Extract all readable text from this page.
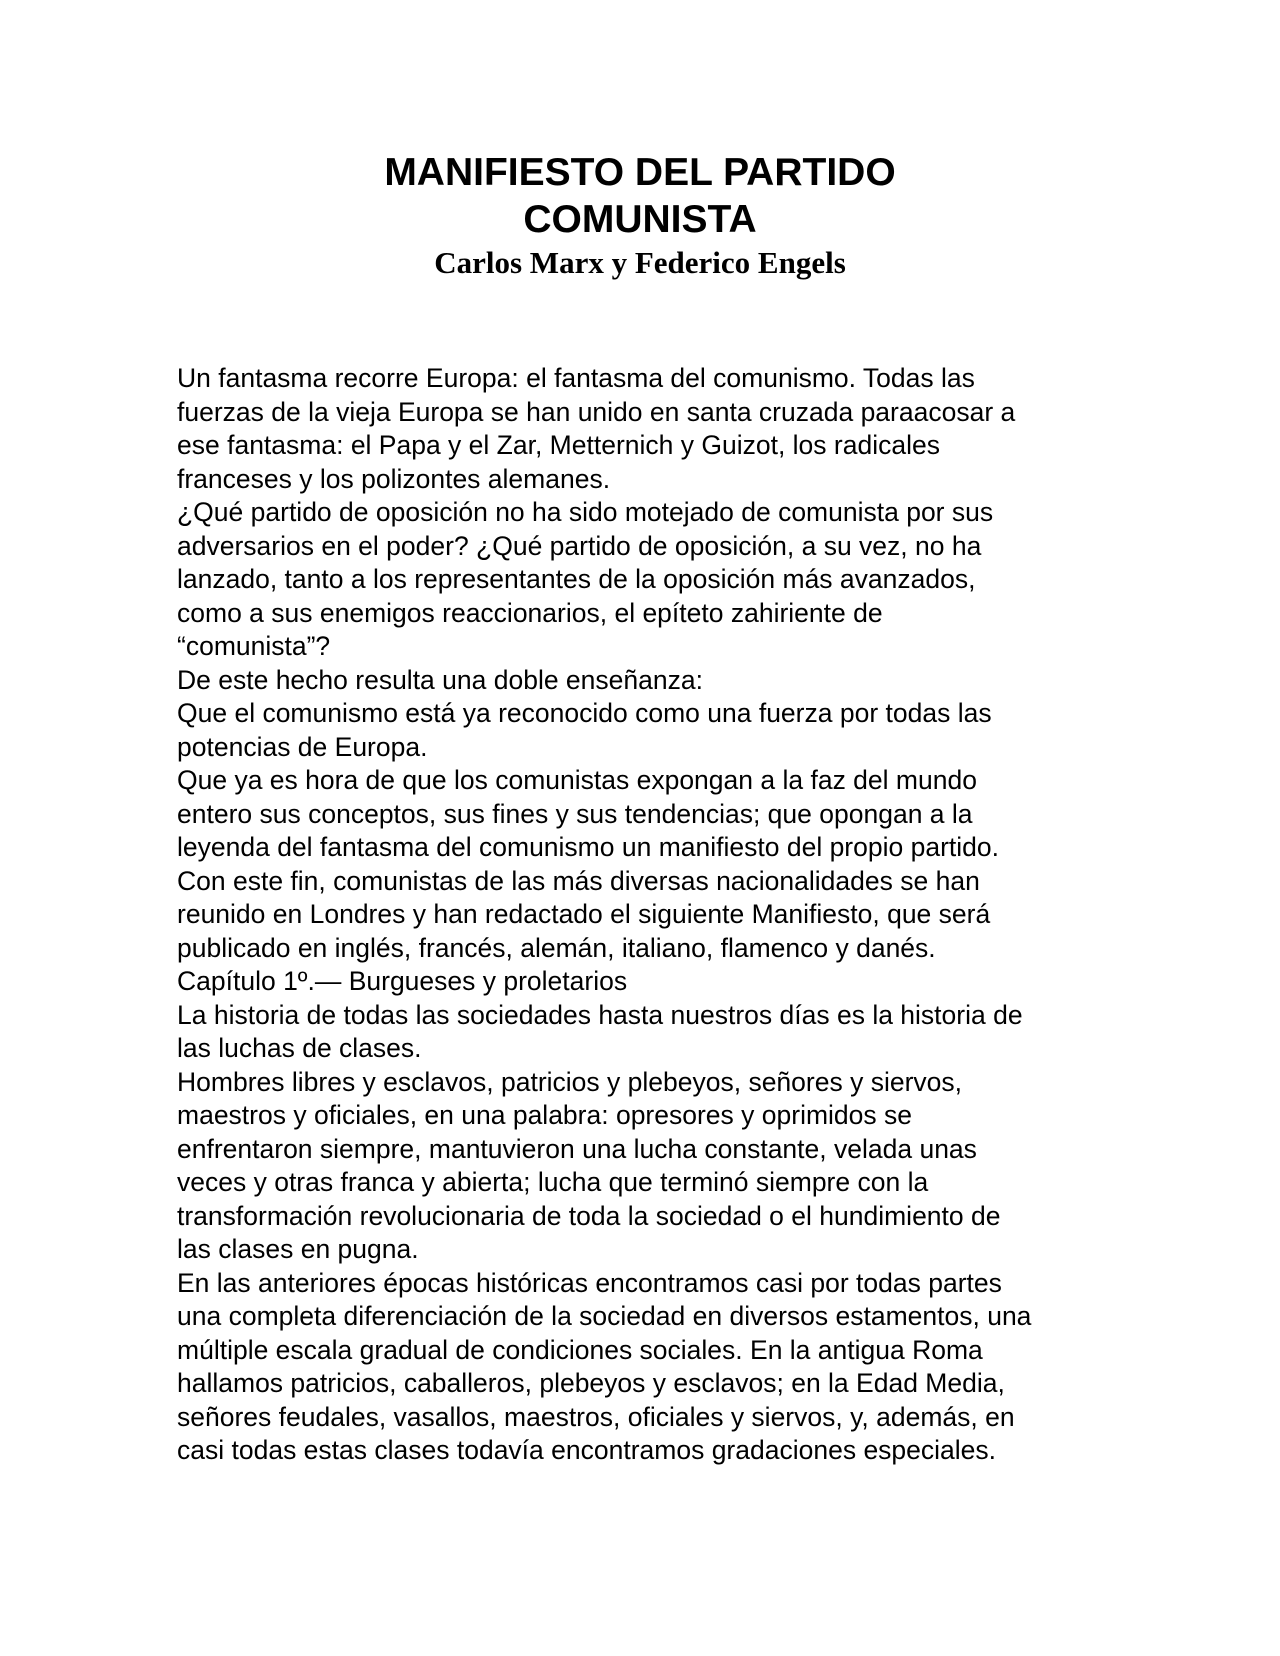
MANIFIESTO DEL PARTIDO
COMUNISTA
Carlos Marx y Federico Engels
Un fantasma recorre Europa: el fantasma del comunismo. Todas las
fuerzas de la vieja Europa se han unido en santa cruzada paraacosar a
ese fantasma: el Papa y el Zar, Metternich y Guizot, los radicales
franceses y los polizontes alemanes.
¿Qué partido de oposición no ha sido motejado de comunista por sus
adversarios en el poder? ¿Qué partido de oposición, a su vez, no ha
lanzado, tanto a los representantes de la oposición más avanzados,
como a sus enemigos reaccionarios, el epíteto zahiriente de
“comunista”?
De este hecho resulta una doble enseñanza:
Que el comunismo está ya reconocido como una fuerza por todas las
potencias de Europa.
Que ya es hora de que los comunistas expongan a la faz del mundo
entero sus conceptos, sus fines y sus tendencias; que opongan a la
leyenda del fantasma del comunismo un manifiesto del propio partido.
Con este fin, comunistas de las más diversas nacionalidades se han
reunido en Londres y han redactado el siguiente Manifiesto, que será
publicado en inglés, francés, alemán, italiano, flamenco y danés.
Capítulo 1º.— Burgueses y proletarios
La historia de todas las sociedades hasta nuestros días es la historia de
las luchas de clases.
Hombres libres y esclavos, patricios y plebeyos, señores y siervos,
maestros y oficiales, en una palabra: opresores y oprimidos se
enfrentaron siempre, mantuvieron una lucha constante, velada unas
veces y otras franca y abierta; lucha que terminó siempre con la
transformación revolucionaria de toda la sociedad o el hundimiento de
las clases en pugna.
En las anteriores épocas históricas encontramos casi por todas partes
una completa diferenciación de la sociedad en diversos estamentos, una
múltiple escala gradual de condiciones sociales. En la antigua Roma
hallamos patricios, caballeros, plebeyos y esclavos; en la Edad Media,
señores feudales, vasallos, maestros, oficiales y siervos, y, además, en
casi todas estas clases todavía encontramos gradaciones especiales.
